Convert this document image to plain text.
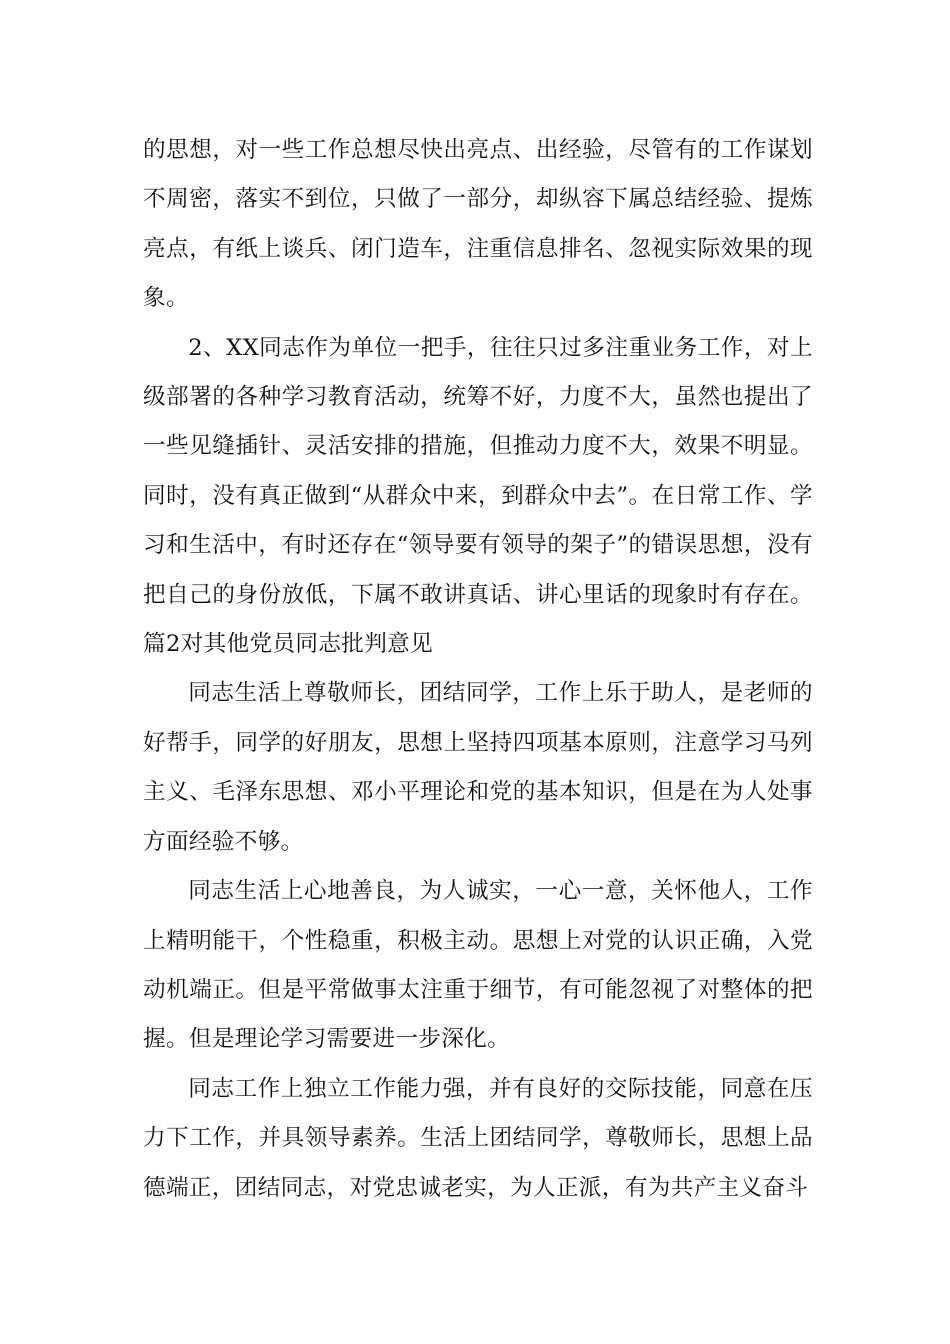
的思想，对一些工作总想尽快出亮点、出经验，尽管有的工作谋划不周密，落实不到位，只做了一部分，却纵容下属总结经验、提炼亮点，有纸上谈兵、闭门造车，注重信息排名、忽视实际效果的现象。

2、XX同志作为单位一把手，往往只过多注重业务工作，对上级部署的各种学习教育活动，统筹不好，力度不大，虽然也提出了一些见缝插针、灵活安排的措施，但推动力度不大，效果不明显。同时，没有真正做到“从群众中来，到群众中去”。在日常工作、学习和生活中，有时还存在“领导要有领导的架子”的错误思想，没有把自己的身份放低，下属不敢讲真话、讲心里话的现象时有存在。篇2对其他党员同志批判意见

同志生活上尊敬师长，团结同学，工作上乐于助人，是老师的好帮手，同学的好朋友，思想上坚持四项基本原则，注意学习马列主义、毛泽东思想、邓小平理论和党的基本知识，但是在为人处事方面经验不够。

同志生活上心地善良，为人诚实，一心一意，关怀他人，工作上精明能干，个性稳重，积极主动。思想上对党的认识正确，入党动机端正。但是平常做事太注重于细节，有可能忽视了对整体的把握。但是理论学习需要进一步深化。

同志工作上独立工作能力强，并有良好的交际技能，同意在压力下工作，并具领导素养。生活上团结同学，尊敬师长，思想上品德端正，团结同志，对党忠诚老实，为人正派，有为共产主义奋斗
